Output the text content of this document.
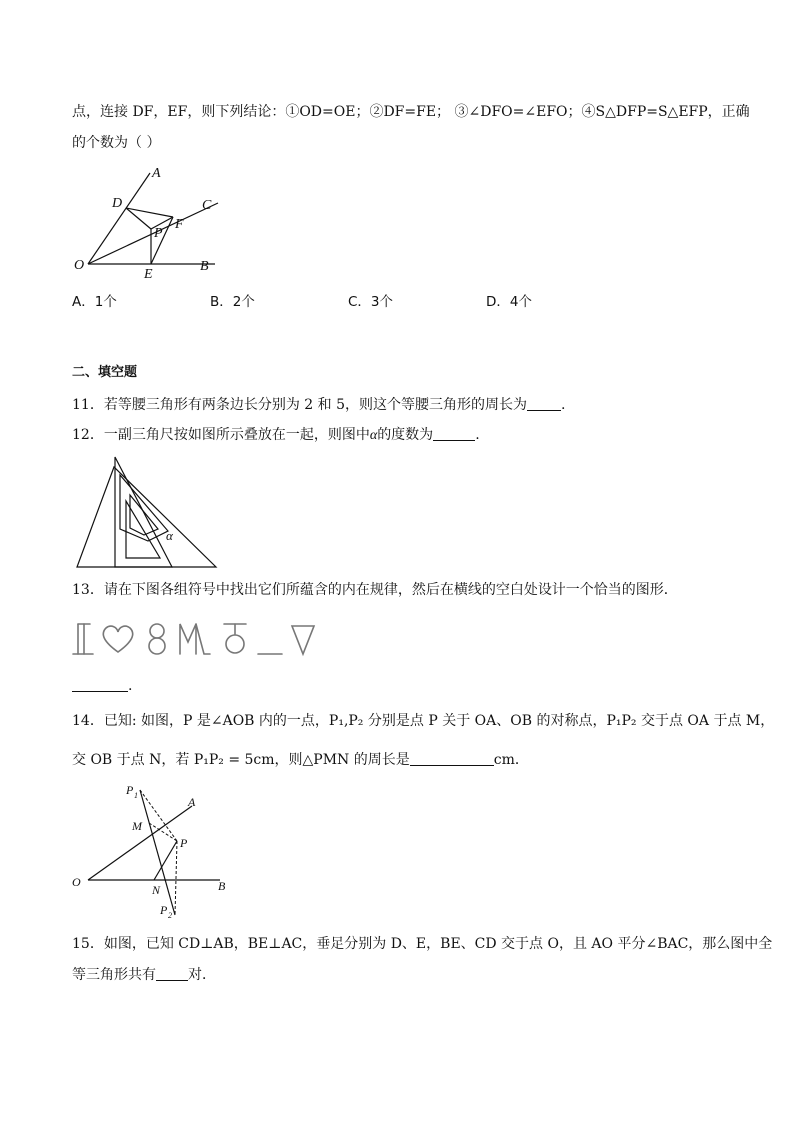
点，连接 DF，EF，则下列结论：①OD=OE；②DF=FE； ③∠DFO=∠EFO；④S△DFP=S△EFP，正确
的个数为（ ）
O
A
B
C
D
E
F
P
A．1个	B．2个	C．3个	D．4个
二、填空题
11．若等腰三角形有两条边长分别为 2 和 5，则这个等腰三角形的周长为 .
12．一副三角尺按如图所示叠放在一起，则图中α的度数为	.
α
13．请在下图各组符号中找出它们所蕴含的内在规律，然后在横线的空白处设计一个恰当的图形．
.
14．已知: 如图，P 是∠AOB 内的一点，P₁,P₂ 分别是点 P 关于 OA、OB 的对称点，P₁P₂ 交于点 OA 于点 M，
交 OB 于点 N，若 P₁P₂ = 5cm，则△PMN 的周长是	cm．
P 1	A
M
P
O
N	B
P 2
15．如图，已知 CD⊥AB，BE⊥AC，垂足分别为 D、E，BE、CD 交于点 O，且 AO 平分∠BAC，那么图中全
等三角形共有 对．
